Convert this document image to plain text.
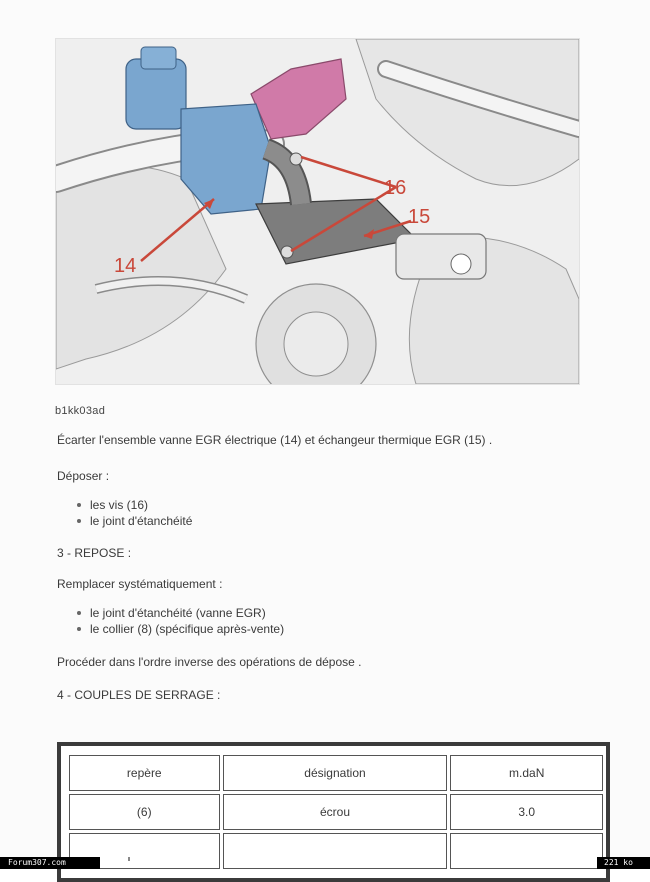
16
15
14
b1kk03ad
Écarter l'ensemble vanne EGR électrique (14) et échangeur thermique EGR (15) .
Déposer :
les vis (16)
le joint d'étanchéité
3 - REPOSE :
Remplacer systématiquement :
le joint d'étanchéité (vanne EGR)
le collier (8) (spécifique après-vente)
Procéder dans l'ordre inverse des opérations de dépose .
4 - COUPLES DE SERRAGE :
repère	désignation	m.daN
(6)	écrou	3.0

Forum307.com	221 ko
